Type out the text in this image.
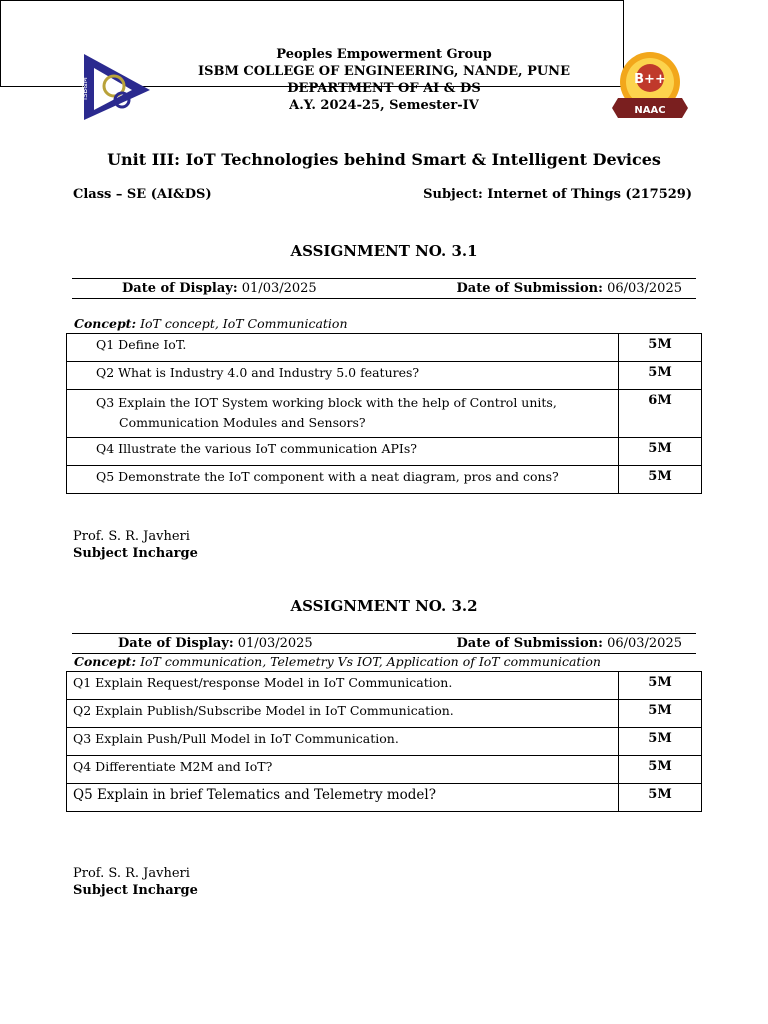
ISB&M
Peoples Empowerment Group
ISBM COLLEGE OF ENGINEERING, NANDE, PUNE
DEPARTMENT OF AI & DS
A.Y. 2024-25, Semester-IV
B++
NAAC
Unit III: IoT Technologies behind Smart & Intelligent Devices
Class – SE (AI&DS)	Subject: Internet of Things (217529)
ASSIGNMENT NO. 3.1
Date of Display: 01/03/2025	Date of Submission: 06/03/2025
Concept: IoT concept, IoT Communication
Q1 Define IoT.	5M
Q2 What is Industry 4.0 and Industry 5.0 features?	5M
Q3 Explain the IOT System working block with the help of Control units,
Communication Modules and Sensors?	6M
Q4 Illustrate the various IoT communication APIs?	5M
Q5 Demonstrate the IoT component with a neat diagram, pros and cons?	5M
Prof. S. R. Javheri
Subject Incharge
ASSIGNMENT NO. 3.2
Date of Display: 01/03/2025	Date of Submission: 06/03/2025
Concept: IoT communication, Telemetry Vs IOT, Application of IoT communication
Q1 Explain Request/response Model in IoT Communication.	5M
Q2 Explain Publish/Subscribe Model in IoT Communication.	5M
Q3 Explain Push/Pull Model in IoT Communication.	5M
Q4 Differentiate M2M and IoT?	5M
Q5 Explain in brief Telematics and Telemetry model?	5M
Prof. S. R. Javheri
Subject Incharge
